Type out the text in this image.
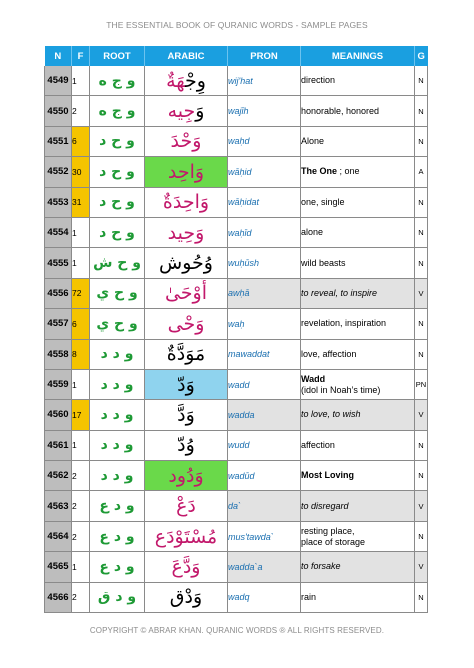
THE ESSENTIAL BOOK OF QURANIC WORDS - SAMPLE PAGES
N	F	ROOT	ARABIC	PRON	MEANINGS	G
4549	1	و ج ه	وِجْهَةٌ	wij'hat	direction	N
4550	2	و ج ه	وَجِيه	wajīh	honorable, honored	N
4551	6	و ح د	وَحْدَ	waḥd	Alone	N
4552	30	و ح د	وَاحِد	wāḥid	The One ; one	A
4553	31	و ح د	وَاحِدَةٌ	wāḥidat	one, single	N
4554	1	و ح د	وَحِيد	waḥīd	alone	N
4555	1	و ح ش	وُحُوش	wuḥūsh	wild beasts	N
4556	72	و ح ي	أَوْحَىٰ	awḥā	to reveal, to inspire	V
4557	6	و ح ي	وَحْى	waḥ	revelation, inspiration	N
4558	8	و د د	مَوَدَّةٌ	mawaddat	love, affection	N
4559	1	و د د	وَدّ	wadd	Wadd
(idol in Noah’s time)	PN
4560	17	و د د	وَدَّ	wadda	to love, to wish	V
4561	1	و د د	وُدّ	wudd	affection	N
4562	2	و د د	وَدُود	wadūd	Most Loving	N
4563	2	و د ع	دَعْ	da`	to disregard	V
4564	2	و د ع	مُسْتَوْدَع	mus'tawda`	resting place,
place of storage	N
4565	1	و د ع	وَدَّعَ	wadda`a	to forsake	V
4566	2	و د ق	وَدْق	wadq	rain	N
COPYRIGHT © ABRAR KHAN. QURANIC WORDS ® ALL RIGHTS RESERVED.
